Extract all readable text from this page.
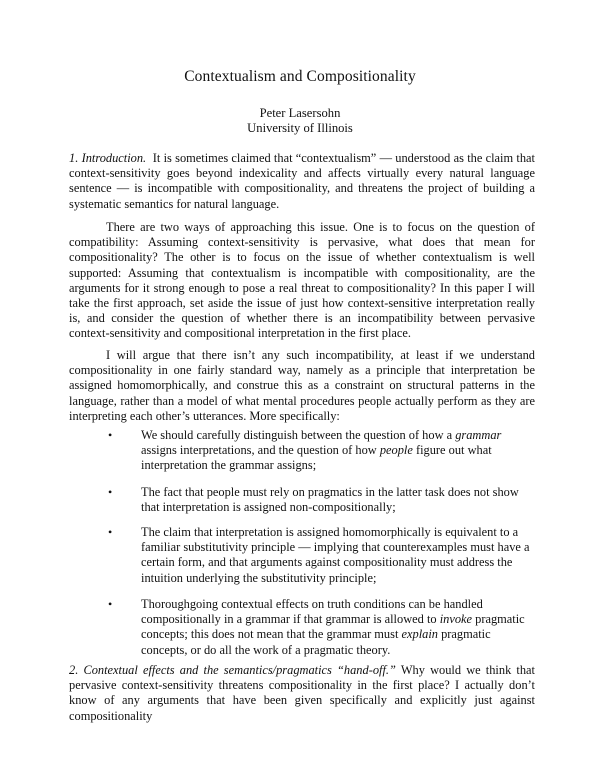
Contextualism and Compositionality
Peter Lasersohn
University of Illinois

1. Introduction. It is sometimes claimed that “contextualism” — understood as the claim that context-sensitivity goes beyond indexicality and affects virtually every natural language sentence — is incompatible with compositionality, and threatens the project of building a systematic semantics for natural language.

There are two ways of approaching this issue. One is to focus on the question of compatibility: Assuming context-sensitivity is pervasive, what does that mean for compositionality? The other is to focus on the issue of whether contextualism is well supported: Assuming that contextualism is incompatible with compositionality, are the arguments for it strong enough to pose a real threat to compositionality? In this paper I will take the first approach, set aside the issue of just how context-sensitive interpretation really is, and consider the question of whether there is an incompatibility between pervasive context-sensitivity and compositional interpretation in the first place.

I will argue that there isn’t any such incompatibility, at least if we understand compositionality in one fairly standard way, namely as a principle that interpretation be assigned homomorphically, and construe this as a constraint on structural patterns in the language, rather than a model of what mental procedures people actually perform as they are interpreting each other’s utterances. More specifically:

•	We should carefully distinguish between the question of how a grammar assigns interpretations, and the question of how people figure out what interpretation the grammar assigns;

•	The fact that people must rely on pragmatics in the latter task does not show that interpretation is assigned non-compositionally;

•	The claim that interpretation is assigned homomorphically is equivalent to a familiar substitutivity principle — implying that counterexamples must have a certain form, and that arguments against compositionality must address the intuition underlying the substitutivity principle;

•	Thoroughgoing contextual effects on truth conditions can be handled compositionally in a grammar if that grammar is allowed to invoke pragmatic concepts; this does not mean that the grammar must explain pragmatic concepts, or do all the work of a pragmatic theory.

2. Contextual effects and the semantics/pragmatics “hand-off.” Why would we think that pervasive context-sensitivity threatens compositionality in the first place? I actually don’t know of any arguments that have been given specifically and explicitly just against compositionality
